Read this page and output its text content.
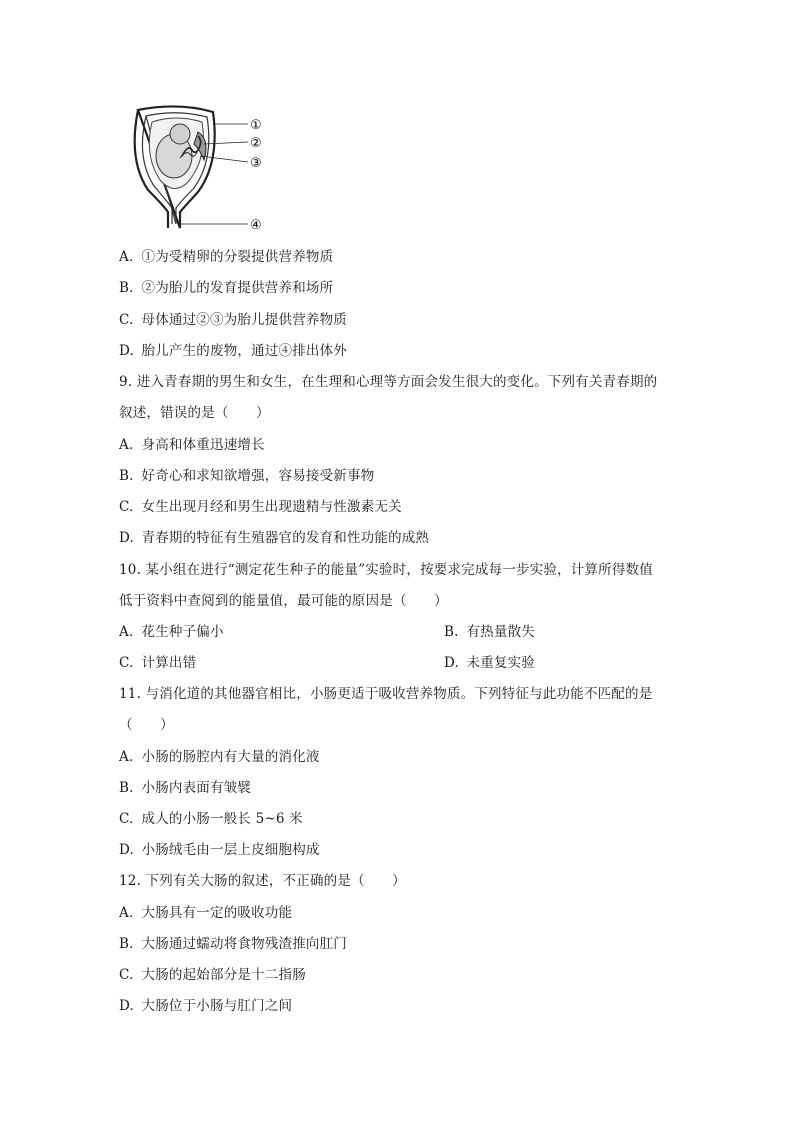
①
②
③
④
A. ①为受精卵的分裂提供营养物质
B. ②为胎儿的发育提供营养和场所
C. 母体通过②③为胎儿提供营养物质
D. 胎儿产生的废物，通过④排出体外
9. 进入青春期的男生和女生，在生理和心理等方面会发生很大的变化。下列有关青春期的
叙述，错误的是（　　）
A. 身高和体重迅速增长
B. 好奇心和求知欲增强，容易接受新事物
C. 女生出现月经和男生出现遗精与性激素无关
D. 青春期的特征有生殖器官的发育和性功能的成熟
10. 某小组在进行“测定花生种子的能量”实验时，按要求完成每一步实验，计算所得数值
低于资料中查阅到的能量值，最可能的原因是（　　）
A. 花生种子偏小	B. 有热量散失
C. 计算出错	D. 未重复实验
11. 与消化道的其他器官相比，小肠更适于吸收营养物质。下列特征与此功能不匹配的是
（　　）
A. 小肠的肠腔内有大量的消化液
B. 小肠内表面有皱襞
C. 成人的小肠一般长 5~6 米
D. 小肠绒毛由一层上皮细胞构成
12. 下列有关大肠的叙述，不正确的是（　　）
A. 大肠具有一定的吸收功能
B. 大肠通过蠕动将食物残渣推向肛门
C. 大肠的起始部分是十二指肠
D. 大肠位于小肠与肛门之间
